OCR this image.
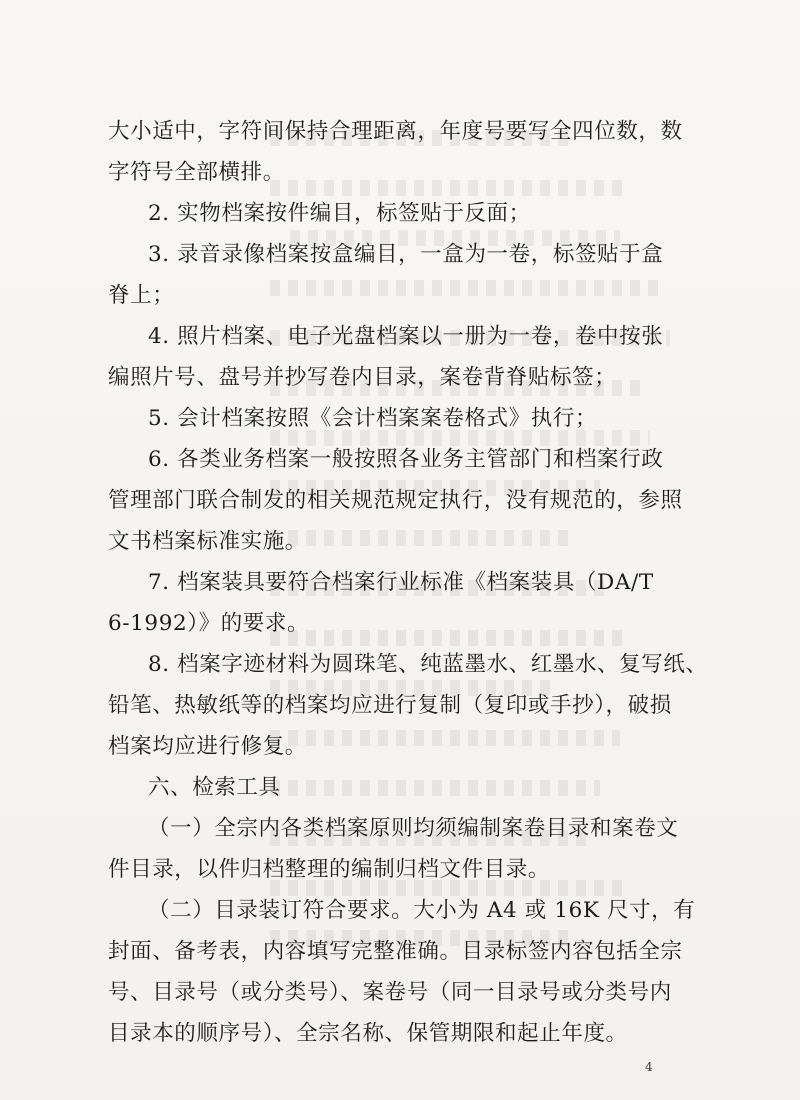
大小适中，字符间保持合理距离，年度号要写全四位数，数
字符号全部横排。
2. 实物档案按件编目，标签贴于反面；
3. 录音录像档案按盒编目，一盒为一卷，标签贴于盒
脊上；
4. 照片档案、电子光盘档案以一册为一卷，卷中按张
编照片号、盘号并抄写卷内目录，案卷背脊贴标签；
5. 会计档案按照《会计档案案卷格式》执行；
6. 各类业务档案一般按照各业务主管部门和档案行政
管理部门联合制发的相关规范规定执行，没有规范的，参照
文书档案标准实施。
7. 档案装具要符合档案行业标准《档案装具（DA/T
6-1992）》的要求。
8. 档案字迹材料为圆珠笔、纯蓝墨水、红墨水、复写纸、
铅笔、热敏纸等的档案均应进行复制（复印或手抄），破损
档案均应进行修复。
六、检索工具
（一）全宗内各类档案原则均须编制案卷目录和案卷文
件目录，以件归档整理的编制归档文件目录。
（二）目录装订符合要求。大小为 A4 或 16K 尺寸，有
封面、备考表，内容填写完整准确。目录标签内容包括全宗
号、目录号（或分类号）、案卷号（同一目录号或分类号内
目录本的顺序号）、全宗名称、保管期限和起止年度。
4
